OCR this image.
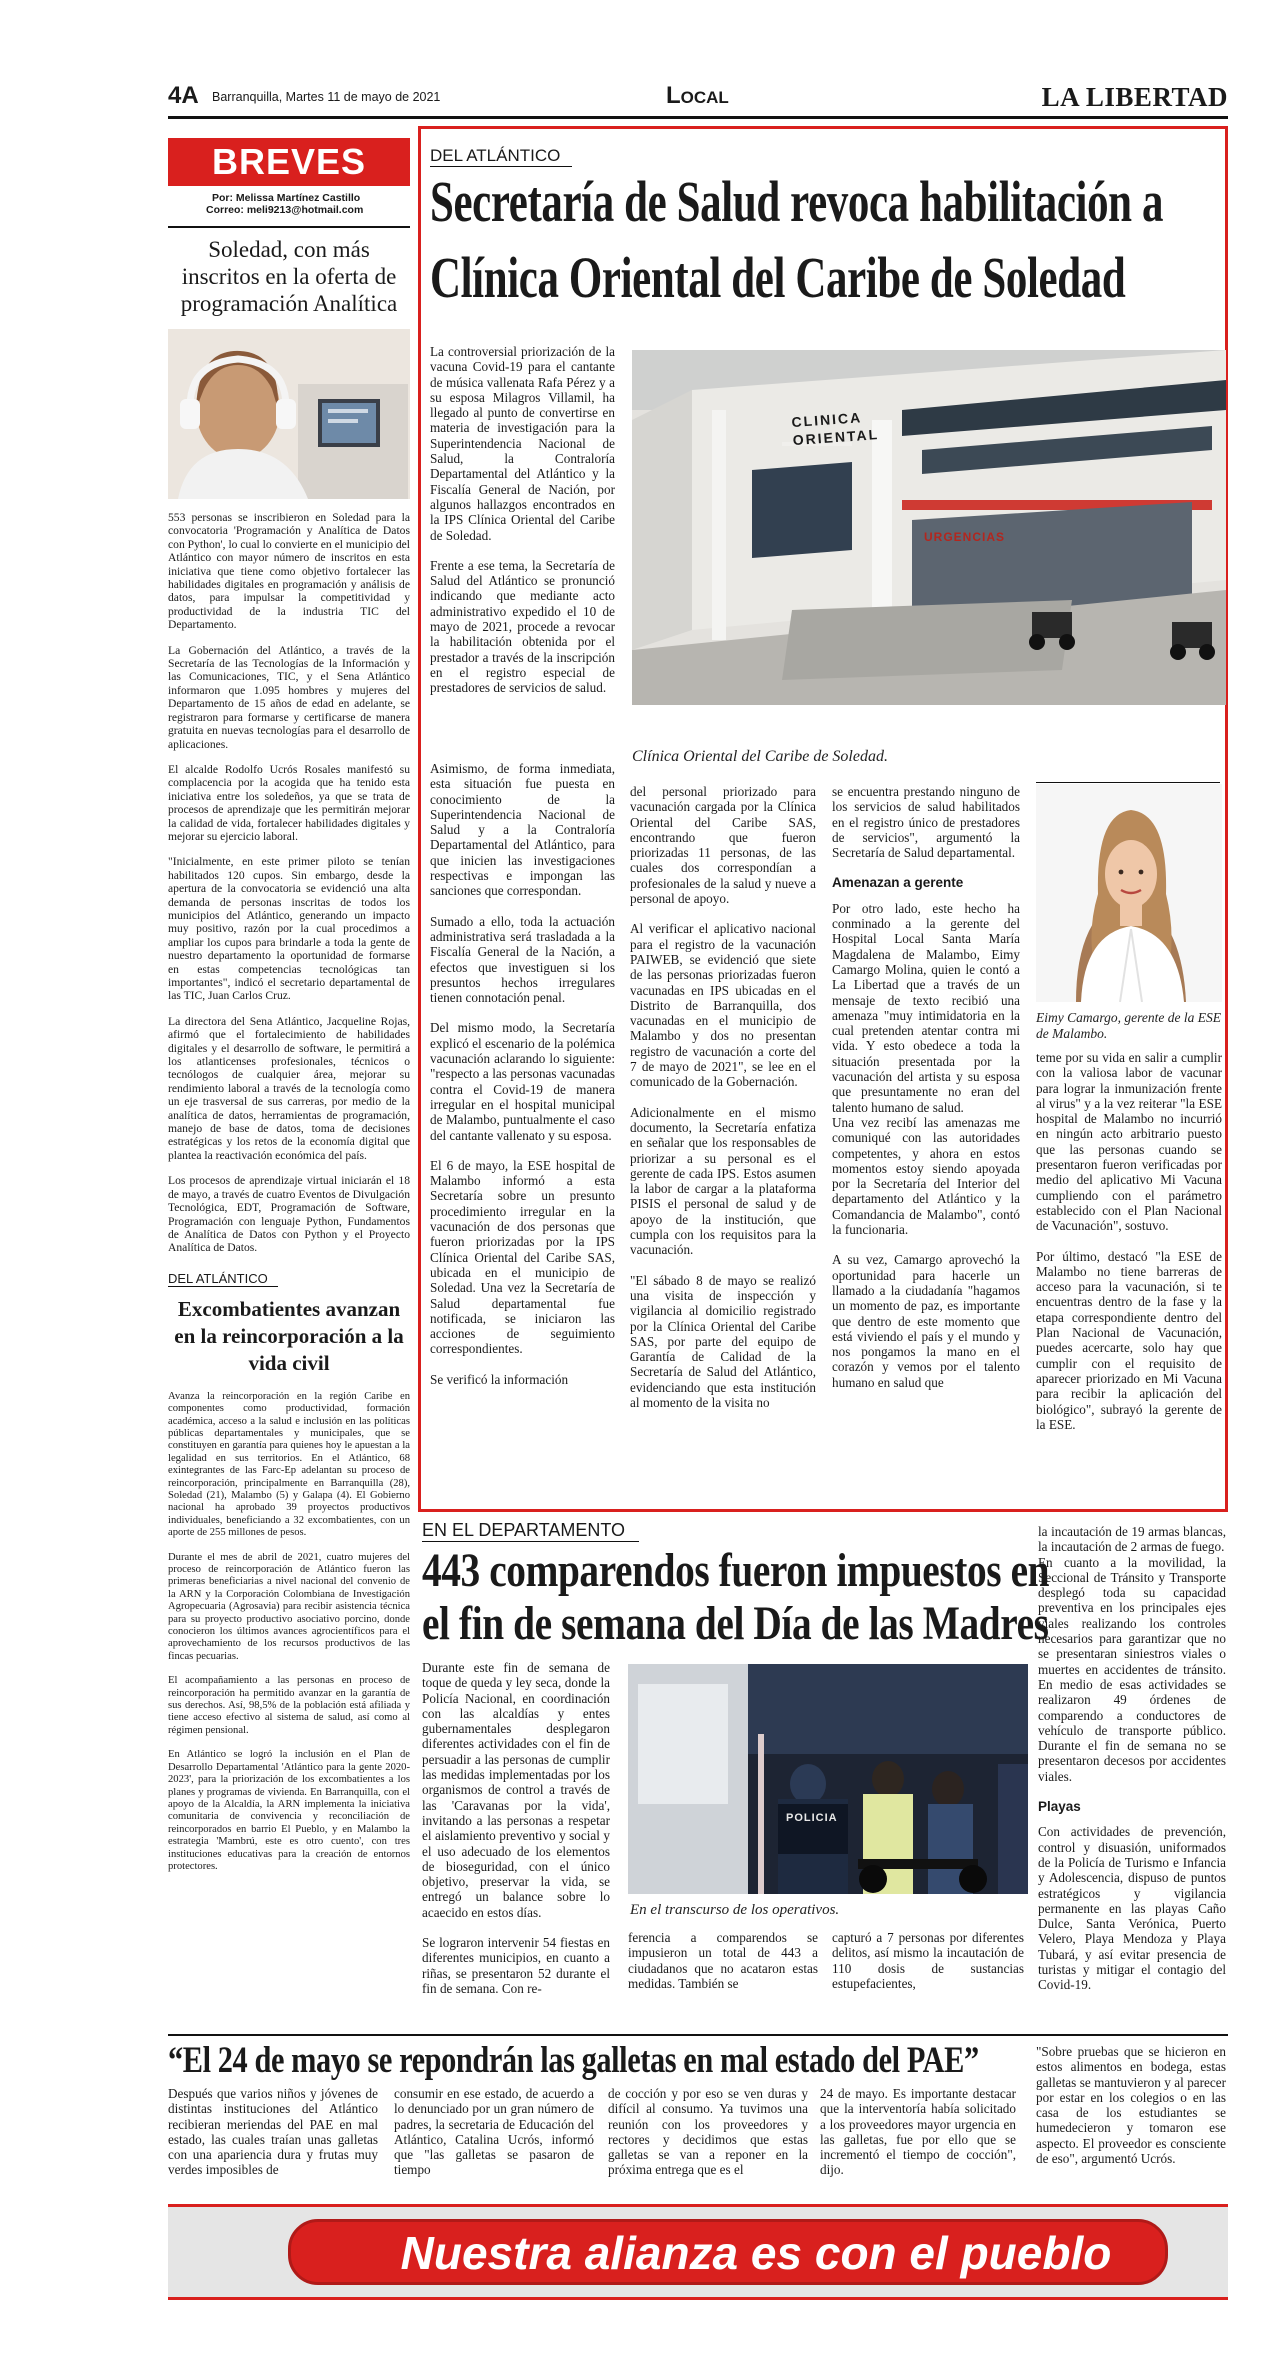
4A Barranquilla, Martes 11 de mayo de 2021	Local	LA LIBERTAD
BREVES
Por: Melissa Martínez Castillo
Correo: meli9213@hotmail.com
Soledad, con más inscritos en la oferta de programación Analítica

553 personas se inscribieron en Soledad para la convocatoria 'Programación y Analítica de Datos con Python', lo cual lo convierte en el municipio del Atlántico con mayor número de inscritos en esta iniciativa que tiene como objetivo fortalecer las habilidades digitales en programación y análisis de datos, para impulsar la competitividad y productividad de la industria TIC del Departamento.

La Gobernación del Atlántico, a través de la Secretaría de las Tecnologías de la Información y las Comunicaciones, TIC, y el Sena Atlántico informaron que 1.095 hombres y mujeres del Departamento de 15 años de edad en adelante, se registraron para formarse y certificarse de manera gratuita en nuevas tecnologías para el desarrollo de aplicaciones.

El alcalde Rodolfo Ucrós Rosales manifestó su complacencia por la acogida que ha tenido esta iniciativa entre los soledeños, ya que se trata de procesos de aprendizaje que les permitirán mejorar la calidad de vida, fortalecer habilidades digitales y mejorar su ejercicio laboral.

"Inicialmente, en este primer piloto se tenían habilitados 120 cupos. Sin embargo, desde la apertura de la convocatoria se evidenció una alta demanda de personas inscritas de todos los municipios del Atlántico, generando un impacto muy positivo, razón por la cual procedimos a ampliar los cupos para brindarle a toda la gente de nuestro departamento la oportunidad de formarse en estas competencias tecnológicas tan importantes", indicó el secretario departamental de las TIC, Juan Carlos Cruz.

La directora del Sena Atlántico, Jacqueline Rojas, afirmó que el fortalecimiento de habilidades digitales y el desarrollo de software, le permitirá a los atlanticenses profesionales, técnicos o tecnólogos de cualquier área, mejorar su rendimiento laboral a través de la tecnología como un eje trasversal de sus carreras, por medio de la analítica de datos, herramientas de programación, manejo de base de datos, toma de decisiones estratégicas y los retos de la economía digital que plantea la reactivación económica del país.

Los procesos de aprendizaje virtual iniciarán el 18 de mayo, a través de cuatro Eventos de Divulgación Tecnológica, EDT, Programación de Software, Programación con lenguaje Python, Fundamentos de Analítica de Datos con Python y el Proyecto Analítica de Datos.

DEL ATLÁNTICO
Excombatientes avanzan en la reincorporación a la vida civil

Avanza la reincorporación en la región Caribe en componentes como productividad, formación académica, acceso a la salud e inclusión en las políticas públicas departamentales y municipales, que se constituyen en garantía para quienes hoy le apuestan a la legalidad en sus territorios. En el Atlántico, 68 exintegrantes de las Farc-Ep adelantan su proceso de reincorporación, principalmente en Barranquilla (28), Soledad (21), Malambo (5) y Galapa (4). El Gobierno nacional ha aprobado 39 proyectos productivos individuales, beneficiando a 32 excombatientes, con un aporte de 255 millones de pesos.

Durante el mes de abril de 2021, cuatro mujeres del proceso de reincorporación de Atlántico fueron las primeras beneficiarias a nivel nacional del convenio de la ARN y la Corporación Colombiana de Investigación Agropecuaria (Agrosavia) para recibir asistencia técnica para su proyecto productivo asociativo porcino, donde conocieron los últimos avances agrocientíficos para el aprovechamiento de los recursos productivos de las fincas pecuarias.

El acompañamiento a las personas en proceso de reincorporación ha permitido avanzar en la garantía de sus derechos. Así, 98,5% de la población está afiliada y tiene acceso efectivo al sistema de salud, así como al régimen pensional.

En Atlántico se logró la inclusión en el Plan de Desarrollo Departamental 'Atlántico para la gente 2020-2023', para la priorización de los excombatientes a los planes y programas de vivienda. En Barranquilla, con el apoyo de la Alcaldía, la ARN implementa la iniciativa comunitaria de convivencia y reconciliación de reincorporados en barrio El Pueblo, y en Malambo la estrategia 'Mambrú, este es otro cuento', con tres instituciones educativas para la creación de entornos protectores.

DEL ATLÁNTICO
Secretaría de Salud revoca habilitación a
Clínica Oriental del Caribe de Soledad

La controversial priorización de la vacuna Covid-19 para el cantante de música vallenata Rafa Pérez y a su esposa Milagros Villamil, ha llegado al punto de convertirse en materia de investigación para la Superintendencia Nacional de Salud, la Contraloría Departamental del Atlántico y la Fiscalía General de Nación, por algunos hallazgos encontrados en la IPS Clínica Oriental del Caribe de Soledad.

Frente a ese tema, la Secretaría de Salud del Atlántico se pronunció indicando que mediante acto administrativo expedido el 10 de mayo de 2021, procede a revocar la habilitación obtenida por el prestador a través de la inscripción en el registro especial de prestadores de servicios de salud.

CLINICA ORIENTAL
URGENCIAS
Clínica Oriental del Caribe de Soledad.

Asimismo, de forma inmediata, esta situación fue puesta en conocimiento de la Superintendencia Nacional de Salud y a la Contraloría Departamental del Atlántico, para que inicien las investigaciones respectivas e impongan las sanciones que correspondan.

Sumado a ello, toda la actuación administrativa será trasladada a la Fiscalía General de la Nación, a efectos que investiguen si los presuntos hechos irregulares tienen connotación penal.

Del mismo modo, la Secretaría explicó el escenario de la polémica vacunación aclarando lo siguiente: "respecto a las personas vacunadas contra el Covid-19 de manera irregular en el hospital municipal de Malambo, puntualmente el caso del cantante vallenato y su esposa.

El 6 de mayo, la ESE hospital de Malambo informó a esta Secretaría sobre un presunto procedimiento irregular en la vacunación de dos personas que fueron priorizadas por la IPS Clínica Oriental del Caribe SAS, ubicada en el municipio de Soledad. Una vez la Secretaría de Salud departamental fue notificada, se iniciaron las acciones de seguimiento correspondientes.

Se verificó la información

del personal priorizado para vacunación cargada por la Clínica Oriental del Caribe SAS, encontrando que fueron priorizadas 11 personas, de las cuales dos correspondían a profesionales de la salud y nueve a personal de apoyo.

Al verificar el aplicativo nacional para el registro de la vacunación PAIWEB, se evidenció que siete de las personas priorizadas fueron vacunadas en IPS ubicadas en el Distrito de Barranquilla, dos vacunadas en el municipio de Malambo y dos no presentan registro de vacunación a corte del 7 de mayo de 2021", se lee en el comunicado de la Gobernación.

Adicionalmente en el mismo documento, la Secretaría enfatiza en señalar que los responsables de priorizar a su personal es el gerente de cada IPS. Estos asumen la labor de cargar a la plataforma PISIS el personal de salud y de apoyo de la institución, que cumpla con los requisitos para la vacunación.

"El sábado 8 de mayo se realizó una visita de inspección y vigilancia al domicilio registrado por la Clínica Oriental del Caribe SAS, por parte del equipo de Garantía de Calidad de la Secretaría de Salud del Atlántico, evidenciando que esta institución al momento de la visita no

se encuentra prestando ninguno de los servicios de salud habilitados en el registro único de prestadores de servicios", argumentó la Secretaría de Salud departamental.

Amenazan a gerente

Por otro lado, este hecho ha conminado a la gerente del Hospital Local Santa María Magdalena de Malambo, Eimy Camargo Molina, quien le contó a La Libertad que a través de un mensaje de texto recibió una amenaza "muy intimidatoria en la cual pretenden atentar contra mi vida. Y esto obedece a toda la situación presentada por la vacunación del artista y su esposa que presuntamente no eran del talento humano de salud.

Una vez recibí las amenazas me comuniqué con las autoridades competentes, y ahora en estos momentos estoy siendo apoyada por la Secretaría del Interior del departamento del Atlántico y la Comandancia de Malambo", contó la funcionaria.

A su vez, Camargo aprovechó la oportunidad para hacerle un llamado a la ciudadanía "hagamos un momento de paz, es importante que dentro de este momento que está viviendo el país y el mundo y nos pongamos la mano en el corazón y vemos por el talento humano en salud que

Eimy Camargo, gerente de la ESE de Malambo.

teme por su vida en salir a cumplir con la valiosa labor de vacunar para lograr la inmunización frente al virus" y a la vez reiterar "la ESE hospital de Malambo no incurrió en ningún acto arbitrario puesto que las personas cuando se presentaron fueron verificadas por medio del aplicativo Mi Vacuna cumpliendo con el parámetro establecido con el Plan Nacional de Vacunación", sostuvo.

Por último, destacó "la ESE de Malambo no tiene barreras de acceso para la vacunación, si te encuentras dentro de la fase y la etapa correspondiente dentro del Plan Nacional de Vacunación, puedes acercarte, solo hay que cumplir con el requisito de aparecer priorizado en Mi Vacuna para recibir la aplicación del biológico", subrayó la gerente de la ESE.

EN EL DEPARTAMENTO
443 comparendos fueron impuestos en
el fin de semana del Día de las Madres

Durante este fin de semana de toque de queda y ley seca, donde la Policía Nacional, en coordinación con las alcaldías y entes gubernamentales desplegaron diferentes actividades con el fin de persuadir a las personas de cumplir las medidas implementadas por los organismos de control a través de las 'Caravanas por la vida', invitando a las personas a respetar el aislamiento preventivo y social y el uso adecuado de los elementos de bioseguridad, con el único objetivo, preservar la vida, se entregó un balance sobre lo acaecido en estos días.

Se lograron intervenir 54 fiestas en diferentes municipios, en cuanto a riñas, se presentaron 52 durante el fin de semana. Con re-

POLICIA
En el transcurso de los operativos.

ferencia a comparendos se impusieron un total de 443 a ciudadanos que no acataron estas medidas. También se

capturó a 7 personas por diferentes delitos, así mismo la incautación de 110 dosis de sustancias estupefacientes,

la incautación de 19 armas blancas, la incautación de 2 armas de fuego.

En cuanto a la movilidad, la Seccional de Tránsito y Transporte desplegó toda su capacidad preventiva en los principales ejes viales realizando los controles necesarios para garantizar que no se presentaran siniestros viales o muertes en accidentes de tránsito. En medio de esas actividades se realizaron 49 órdenes de comparendo a conductores de vehículo de transporte público. Durante el fin de semana no se presentaron decesos por accidentes viales.

Playas

Con actividades de prevención, control y disuasión, uniformados de la Policía de Turismo e Infancia y Adolescencia, dispuso de puntos estratégicos y vigilancia permanente en las playas Caño Dulce, Santa Verónica, Puerto Velero, Playa Mendoza y Playa Tubará, y así evitar presencia de turistas y mitigar el contagio del Covid-19.

“El 24 de mayo se repondrán las galletas en mal estado del PAE”
Después que varios niños y jóvenes de distintas instituciones del Atlántico recibieran meriendas del PAE en mal estado, las cuales traían unas galletas con una apariencia dura y frutas muy verdes imposibles de
consumir en ese estado, de acuerdo a lo denunciado por un gran número de padres, la secretaria de Educación del Atlántico, Catalina Ucrós, informó que "las galletas se pasaron de tiempo
de cocción y por eso se ven duras y difícil al consumo. Ya tuvimos una reunión con los proveedores y rectores y decidimos que estas galletas se van a reponer en la próxima entrega que es el
24 de mayo. Es importante destacar que la interventoría había solicitado a los proveedores mayor urgencia en las galletas, fue por ello que se incrementó el tiempo de cocción", dijo.
"Sobre pruebas que se hicieron en estos alimentos en bodega, estas galletas se mantuvieron y al parecer por estar en los colegios o en las casa de los estudiantes se humedecieron y tomaron ese aspecto. El proveedor es consciente de eso", argumentó Ucrós.
Nuestra alianza es con el pueblo
